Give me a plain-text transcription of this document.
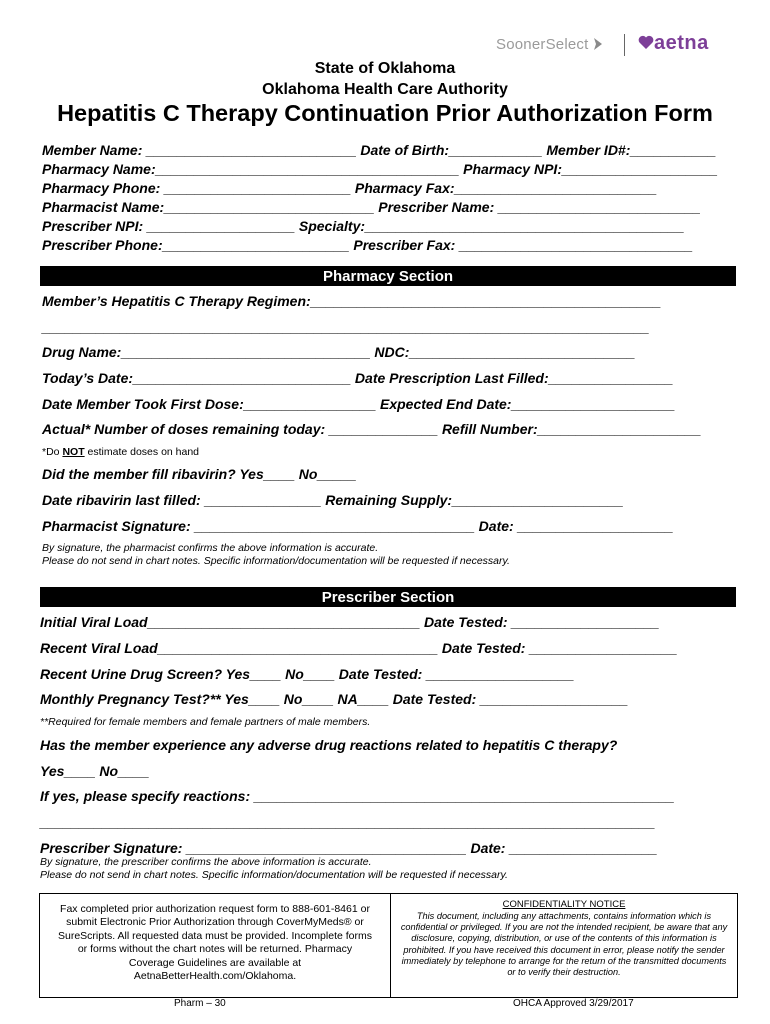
SoonerSelect	aetna
State of Oklahoma
Oklahoma Health Care Authority
Hepatitis C Therapy Continuation Prior Authorization Form
Member Name: ___________________________ Date of Birth:____________ Member ID#:___________
Pharmacy Name:_______________________________________ Pharmacy NPI:____________________
Pharmacy Phone: ________________________ Pharmacy Fax:__________________________
Pharmacist Name:___________________________ Prescriber Name: __________________________
Prescriber NPI: ___________________ Specialty:_________________________________________
Prescriber Phone:________________________ Prescriber Fax: ______________________________
Pharmacy Section
Member’s Hepatitis C Therapy Regimen:_____________________________________________
______________________________________________________________________________
Drug Name:________________________________ NDC:_____________________________
Today’s Date:____________________________ Date Prescription Last Filled:________________
Date Member Took First Dose:_________________ Expected End Date:_____________________
Actual* Number of doses remaining today: ______________ Refill Number:_____________________
*Do NOT estimate doses on hand
Did the member fill ribavirin? Yes____ No_____
Date ribavirin last filled: _______________ Remaining Supply:______________________
Pharmacist Signature: ____________________________________ Date: ____________________
By signature, the pharmacist confirms the above information is accurate.
Please do not send in chart notes. Specific information/documentation will be requested if necessary.
Prescriber Section
Initial Viral Load___________________________________ Date Tested: ___________________
Recent Viral Load____________________________________ Date Tested: ___________________
Recent Urine Drug Screen? Yes____ No____ Date Tested: ___________________
Monthly Pregnancy Test?** Yes____ No____ NA____ Date Tested: ___________________
**Required for female members and female partners of male members.
Has the member experience any adverse drug reactions related to hepatitis C therapy?
Yes____ No____
If yes, please specify reactions: ______________________________________________________
_______________________________________________________________________________
Prescriber Signature: ____________________________________ Date: ___________________
By signature, the prescriber confirms the above information is accurate.
Please do not send in chart notes. Specific information/documentation will be requested if necessary.
Fax completed prior authorization request form to 888-601-8461 or submit Electronic Prior Authorization through CoverMyMeds® or SureScripts. All requested data must be provided. Incomplete forms or forms without the chart notes will be returned. Pharmacy Coverage Guidelines are available at AetnaBetterHealth.com/Oklahoma.
CONFIDENTIALITY NOTICE
This document, including any attachments, contains information which is confidential or privileged. If you are not the intended recipient, be aware that any disclosure, copying, distribution, or use of the contents of this information is prohibited. If you have received this document in error, please notify the sender immediately by telephone to arrange for the return of the transmitted documents or to verify their destruction.
Pharm – 30	OHCA Approved 3/29/2017
